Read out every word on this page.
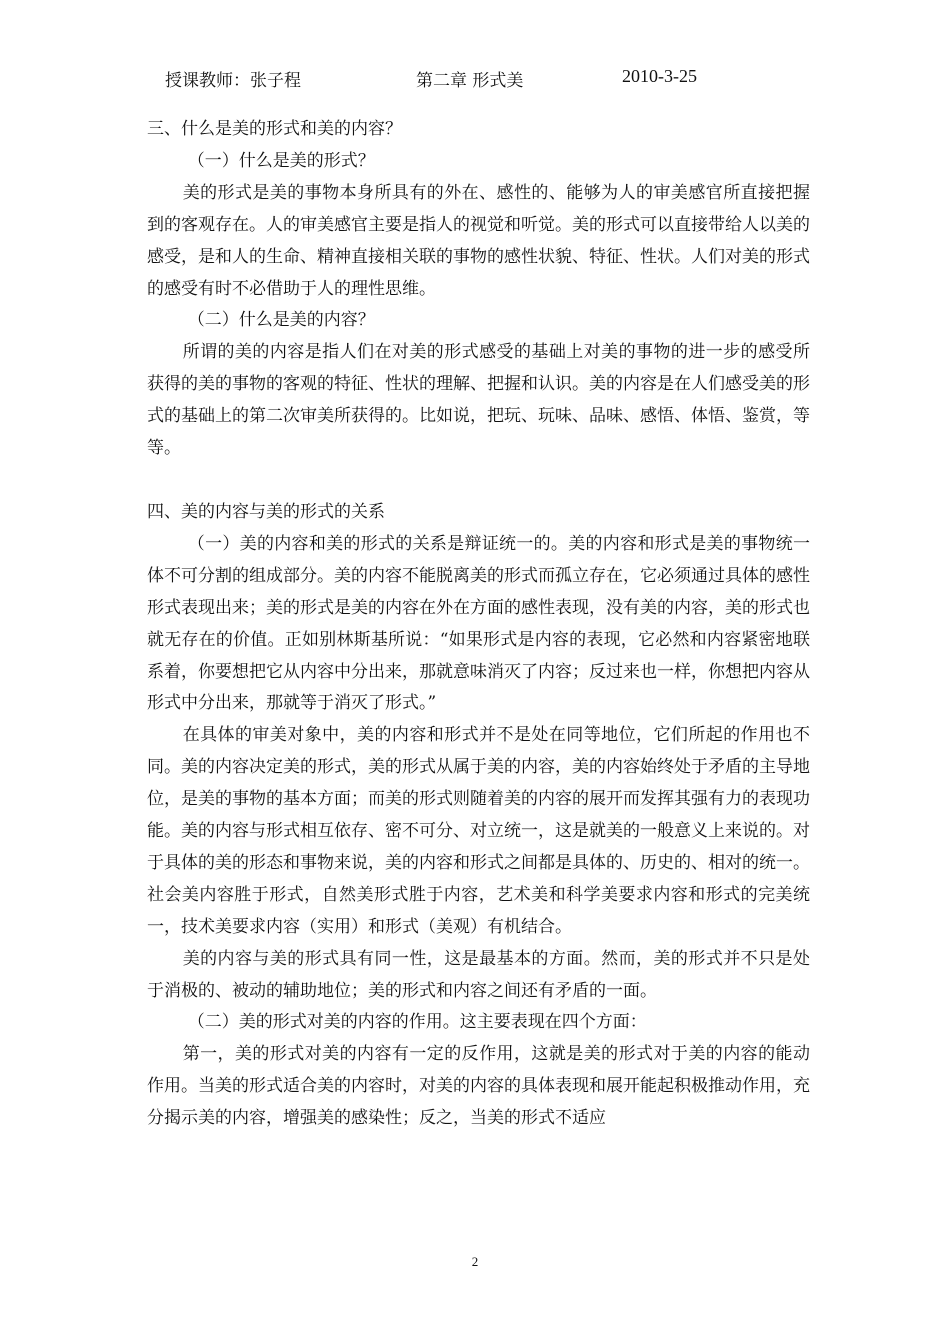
授课教师：张子程	第二章 形式美	2010-3-25

三、什么是美的形式和美的内容？

（一）什么是美的形式？

美的形式是美的事物本身所具有的外在、感性的、能够为人的审美感官所直接把握到的客观存在。人的审美感官主要是指人的视觉和听觉。美的形式可以直接带给人以美的感受，是和人的生命、精神直接相关联的事物的感性状貌、特征、性状。人们对美的形式的感受有时不必借助于人的理性思维。

（二）什么是美的内容？

所谓的美的内容是指人们在对美的形式感受的基础上对美的事物的进一步的感受所获得的美的事物的客观的特征、性状的理解、把握和认识。美的内容是在人们感受美的形式的基础上的第二次审美所获得的。比如说，把玩、玩味、品味、感悟、体悟、鉴赏，等等。

四、美的内容与美的形式的关系

（一）美的内容和美的形式的关系是辩证统一的。美的内容和形式是美的事物统一体不可分割的组成部分。美的内容不能脱离美的形式而孤立存在，它必须通过具体的感性形式表现出来；美的形式是美的内容在外在方面的感性表现，没有美的内容，美的形式也就无存在的价值。正如别林斯基所说：“如果形式是内容的表现，它必然和内容紧密地联系着，你要想把它从内容中分出来，那就意味消灭了内容；反过来也一样，你想把内容从形式中分出来，那就等于消灭了形式。”

在具体的审美对象中，美的内容和形式并不是处在同等地位，它们所起的作用也不同。美的内容决定美的形式，美的形式从属于美的内容，美的内容始终处于矛盾的主导地位，是美的事物的基本方面；而美的形式则随着美的内容的展开而发挥其强有力的表现功能。美的内容与形式相互依存、密不可分、对立统一，这是就美的一般意义上来说的。对于具体的美的形态和事物来说，美的内容和形式之间都是具体的、历史的、相对的统一。社会美内容胜于形式，自然美形式胜于内容，艺术美和科学美要求内容和形式的完美统一，技术美要求内容（实用）和形式（美观）有机结合。

美的内容与美的形式具有同一性，这是最基本的方面。然而，美的形式并不只是处于消极的、被动的辅助地位；美的形式和内容之间还有矛盾的一面。

（二）美的形式对美的内容的作用。这主要表现在四个方面：

第一，美的形式对美的内容有一定的反作用，这就是美的形式对于美的内容的能动作用。当美的形式适合美的内容时，对美的内容的具体表现和展开能起积极推动作用，充分揭示美的内容，增强美的感染性；反之，当美的形式不适应

2
